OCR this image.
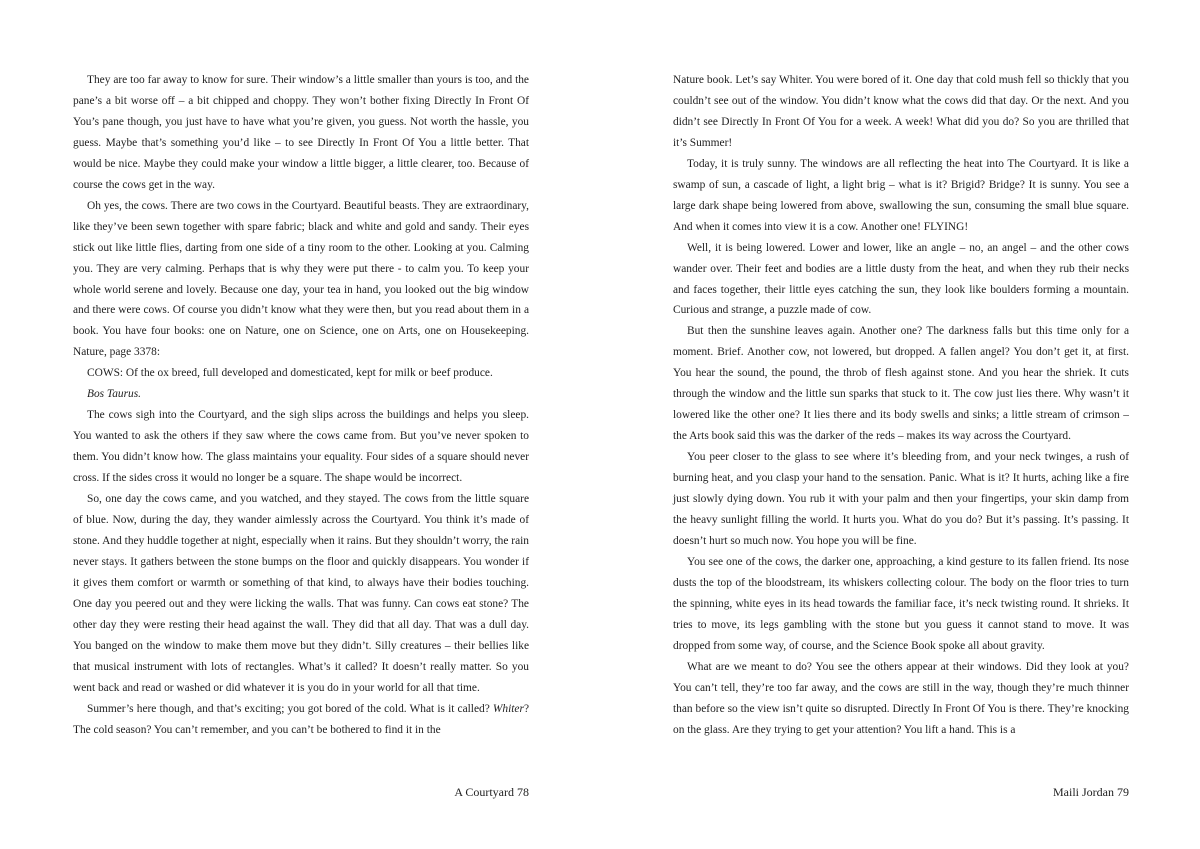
They are too far away to know for sure. Their window’s a little smaller than yours is too, and the pane’s a bit worse off – a bit chipped and choppy. They won’t bother fixing Directly In Front Of You’s pane though, you just have to have what you’re given, you guess. Not worth the hassle, you guess. Maybe that’s something you’d like – to see Directly In Front Of You a little better. That would be nice. Maybe they could make your window a little bigger, a little clearer, too. Because of course the cows get in the way.

Oh yes, the cows. There are two cows in the Courtyard. Beautiful beasts. They are extraordinary, like they’ve been sewn together with spare fabric; black and white and gold and sandy. Their eyes stick out like little flies, darting from one side of a tiny room to the other. Looking at you. Calming you. They are very calming. Perhaps that is why they were put there - to calm you. To keep your whole world serene and lovely. Because one day, your tea in hand, you looked out the big window and there were cows. Of course you didn’t know what they were then, but you read about them in a book. You have four books: one on Nature, one on Science, one on Arts, one on Housekeeping. Nature, page 3378:

COWS: Of the ox breed, full developed and domesticated, kept for milk or beef produce.

Bos Taurus.

The cows sigh into the Courtyard, and the sigh slips across the buildings and helps you sleep. You wanted to ask the others if they saw where the cows came from. But you’ve never spoken to them. You didn’t know how. The glass maintains your equality. Four sides of a square should never cross. If the sides cross it would no longer be a square. The shape would be incorrect.

So, one day the cows came, and you watched, and they stayed. The cows from the little square of blue. Now, during the day, they wander aimlessly across the Courtyard. You think it’s made of stone. And they huddle together at night, especially when it rains. But they shouldn’t worry, the rain never stays. It gathers between the stone bumps on the floor and quickly disappears. You wonder if it gives them comfort or warmth or something of that kind, to always have their bodies touching. One day you peered out and they were licking the walls. That was funny. Can cows eat stone? The other day they were resting their head against the wall. They did that all day. That was a dull day. You banged on the window to make them move but they didn’t. Silly creatures – their bellies like that musical instrument with lots of rectangles. What’s it called? It doesn’t really matter. So you went back and read or washed or did whatever it is you do in your world for all that time.

Summer’s here though, and that’s exciting; you got bored of the cold. What is it called? Whiter? The cold season? You can’t remember, and you can’t be bothered to find it in the

Nature book. Let’s say Whiter. You were bored of it. One day that cold mush fell so thickly that you couldn’t see out of the window. You didn’t know what the cows did that day. Or the next. And you didn’t see Directly In Front Of You for a week. A week! What did you do? So you are thrilled that it’s Summer!

Today, it is truly sunny. The windows are all reflecting the heat into The Courtyard. It is like a swamp of sun, a cascade of light, a light brig – what is it? Brigid? Bridge? It is sunny. You see a large dark shape being lowered from above, swallowing the sun, consuming the small blue square. And when it comes into view it is a cow. Another one! FLYING!

Well, it is being lowered. Lower and lower, like an angle – no, an angel – and the other cows wander over. Their feet and bodies are a little dusty from the heat, and when they rub their necks and faces together, their little eyes catching the sun, they look like boulders forming a mountain. Curious and strange, a puzzle made of cow.

But then the sunshine leaves again. Another one? The darkness falls but this time only for a moment. Brief. Another cow, not lowered, but dropped. A fallen angel? You don’t get it, at first. You hear the sound, the pound, the throb of flesh against stone. And you hear the shriek. It cuts through the window and the little sun sparks that stuck to it. The cow just lies there. Why wasn’t it lowered like the other one? It lies there and its body swells and sinks; a little stream of crimson – the Arts book said this was the darker of the reds – makes its way across the Courtyard.

You peer closer to the glass to see where it’s bleeding from, and your neck twinges, a rush of burning heat, and you clasp your hand to the sensation. Panic. What is it? It hurts, aching like a fire just slowly dying down. You rub it with your palm and then your fingertips, your skin damp from the heavy sunlight filling the world. It hurts you. What do you do? But it’s passing. It’s passing. It doesn’t hurt so much now. You hope you will be fine.

You see one of the cows, the darker one, approaching, a kind gesture to its fallen friend. Its nose dusts the top of the bloodstream, its whiskers collecting colour. The body on the floor tries to turn the spinning, white eyes in its head towards the familiar face, it’s neck twisting round. It shrieks. It tries to move, its legs gambling with the stone but you guess it cannot stand to move. It was dropped from some way, of course, and the Science Book spoke all about gravity.

What are we meant to do? You see the others appear at their windows. Did they look at you? You can’t tell, they’re too far away, and the cows are still in the way, though they’re much thinner than before so the view isn’t quite so disrupted. Directly In Front Of You is there. They’re knocking on the glass. Are they trying to get your attention? You lift a hand. This is a

A Courtyard 78	Maili Jordan 79
